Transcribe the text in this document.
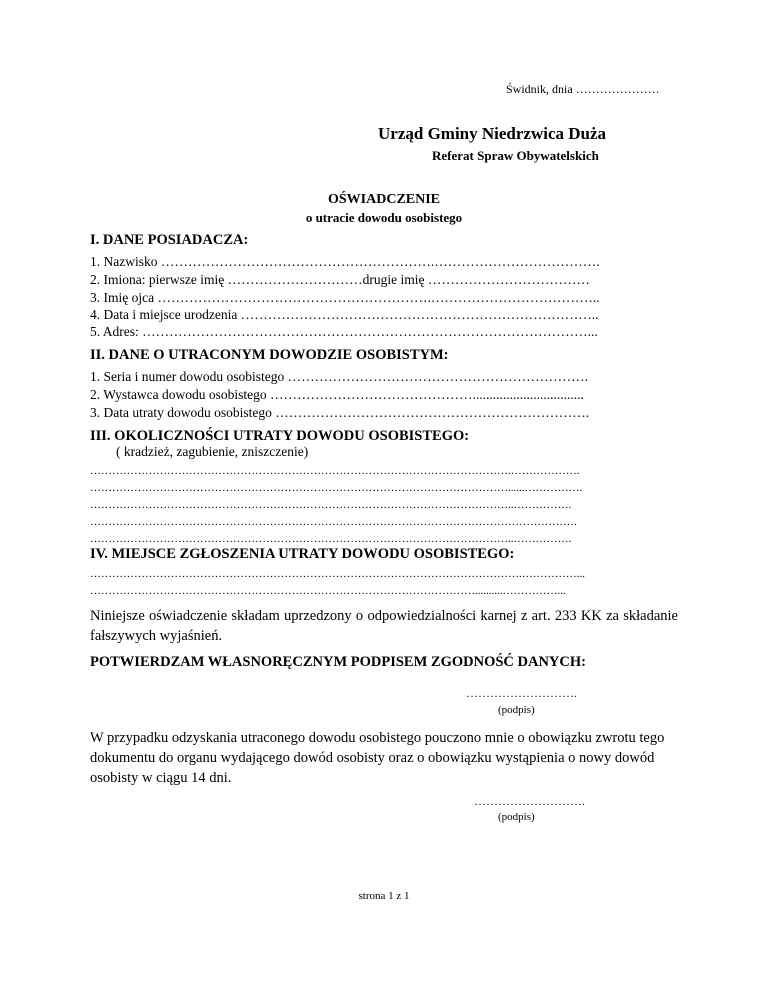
Świdnik, dnia …………………
Urząd Gminy Niedrzwica Duża
Referat Spraw Obywatelskich
OŚWIADCZENIE
o utracie dowodu osobistego
I. DANE POSIADACZA:
1. Nazwisko …………………………………………………….……………………………….
2. Imiona: pierwsze imię …………………………drugie imię ………………………………
3. Imię ojca …………………………………………………….………………………………..
4. Data i miejsce urodzenia ……………………………………………………………………..
5. Adres: ………………………………………………………………………………………...
II. DANE O UTRACONYM DOWODZIE OSOBISTYM:
1. Seria i numer dowodu osobistego ………………………………………………………….
2. Wystawca dowodu osobistego ……………………………………….................................
3. Data utraty dowodu osobistego …………………………………………………………….
III. OKOLICZNOŚCI UTRATY DOWODU OSOBISTEGO:
( kradzież, zagubienie, zniszczenie)
…………………………………………………………………………………………………….……………….
……………………………………………………………………………………………………......…………….
……………………………………………………………………………………………………..…………….
…………………………………………………………………………………………………………………….
……………………………………………………………………………………………………..…………….
IV. MIEJSCE ZGŁOSZENIA UTRATY DOWODU OSOBISTEGO:
……………………………………………………………………………………………………….……………...
……………………………………………………………………………………………..........……………...
Niniejsze oświadczenie składam uprzedzony o odpowiedzialności karnej z art. 233 KK za składanie fałszywych wyjaśnień.
POTWIERDZAM WŁASNORĘCZNYM PODPISEM ZGODNOŚĆ DANYCH:
……………………….
(podpis)
W przypadku odzyskania utraconego dowodu osobistego pouczono mnie o obowiązku zwrotu tego dokumentu do organu wydającego dowód osobisty oraz o obowiązku wystąpienia o nowy dowód osobisty w ciągu 14 dni.
……………………….
(podpis)
strona 1 z 1
